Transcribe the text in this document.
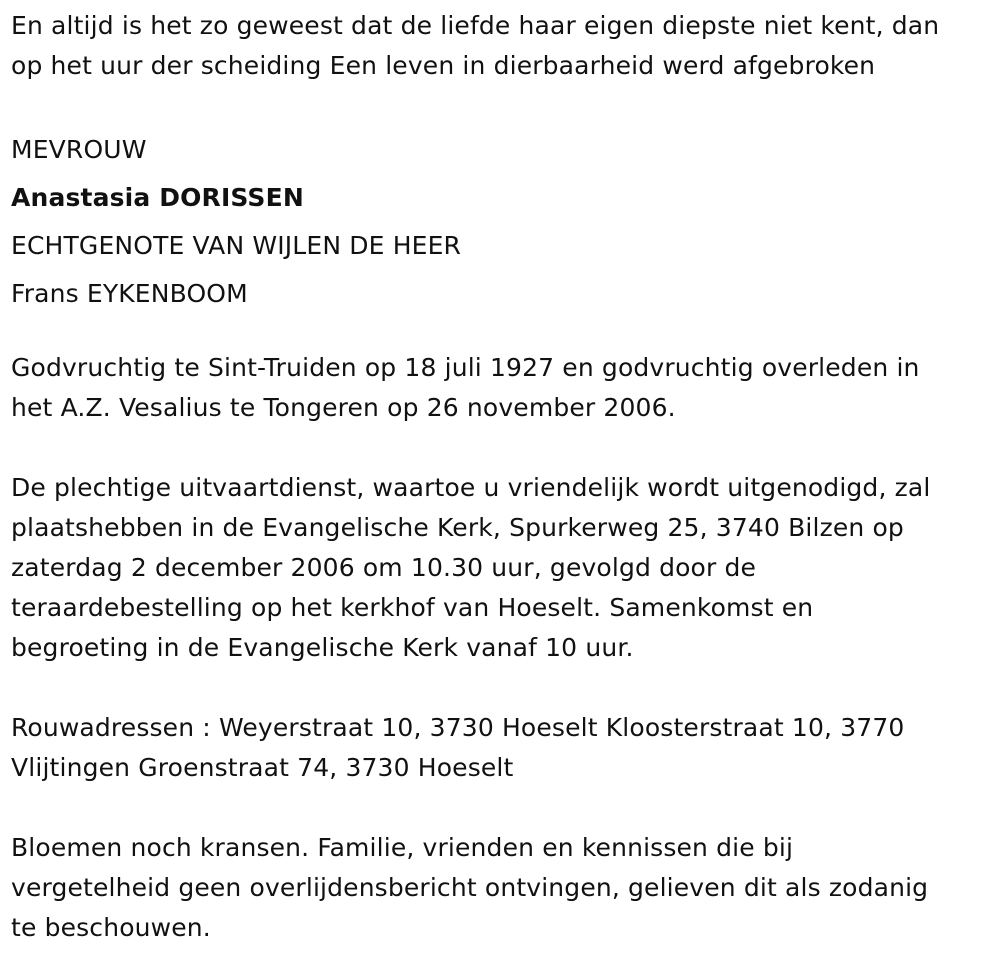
En altijd is het zo geweest dat de liefde haar eigen diepste niet kent, dan
op het uur der scheiding Een leven in dierbaarheid werd afgebroken

MEVROUW

Anastasia DORISSEN

ECHTGENOTE VAN WIJLEN DE HEER

Frans EYKENBOOM

Godvruchtig te Sint-Truiden op 18 juli 1927 en godvruchtig overleden in
het A.Z. Vesalius te Tongeren op 26 november 2006.

De plechtige uitvaartdienst, waartoe u vriendelijk wordt uitgenodigd, zal
plaatshebben in de Evangelische Kerk, Spurkerweg 25, 3740 Bilzen op
zaterdag 2 december 2006 om 10.30 uur, gevolgd door de
teraardebestelling op het kerkhof van Hoeselt. Samenkomst en
begroeting in de Evangelische Kerk vanaf 10 uur.

Rouwadressen : Weyerstraat 10, 3730 Hoeselt Kloosterstraat 10, 3770
Vlijtingen Groenstraat 74, 3730 Hoeselt

Bloemen noch kransen. Familie, vrienden en kennissen die bij
vergetelheid geen overlijdensbericht ontvingen, gelieven dit als zodanig
te beschouwen.
